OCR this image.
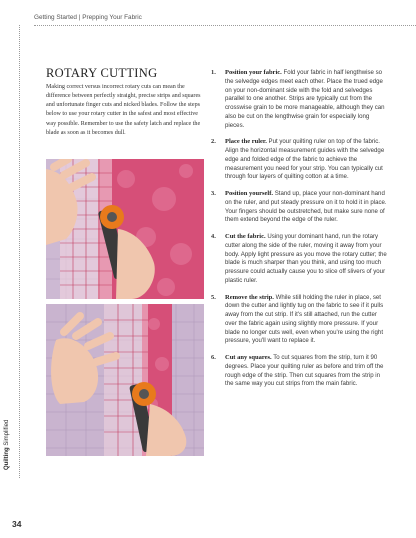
Getting Started | Prepping Your Fabric
Quilting Simplified
34
ROTARY CUTTING
Making correct versus incorrect rotary cuts can mean the difference between perfectly straight, precise strips and squares and unfortunate finger cuts and nicked blades. Follow the steps below to use your rotary cutter in the safest and most effective way possible. Remember to use the safety latch and replace the blade as soon as it becomes dull.
1. Position your fabric. Fold your fabric in half lengthwise so the selvedge edges meet each other. Place the trued edge on your non-dominant side with the fold and selvedges parallel to one another. Strips are typically cut from the crosswise grain to be more manageable, although they can also be cut on the lengthwise grain for especially long pieces.
2. Place the ruler. Put your quilting ruler on top of the fabric. Align the horizontal measurement guides with the selvedge edge and folded edge of the fabric to achieve the measurement you need for your strip. You can typically cut through four layers of quilting cotton at a time.
3. Position yourself. Stand up, place your non-dominant hand on the ruler, and put steady pressure on it to hold it in place. Your fingers should be outstretched, but make sure none of them extend beyond the edge of the ruler.
4. Cut the fabric. Using your dominant hand, run the rotary cutter along the side of the ruler, moving it away from your body. Apply light pressure as you move the rotary cutter; the blade is much sharper than you think, and using too much pressure could actually cause you to slice off slivers of your plastic ruler.
5. Remove the strip. While still holding the ruler in place, set down the cutter and lightly tug on the fabric to see if it pulls away from the cut strip. If it's still attached, run the cutter over the fabric again using slightly more pressure. If your blade no longer cuts well, even when you're using the right pressure, you'll want to replace it.
6. Cut any squares. To cut squares from the strip, turn it 90 degrees. Place your quilting ruler as before and trim off the rough edge of the strip. Then cut squares from the strip in the same way you cut strips from the main fabric.
